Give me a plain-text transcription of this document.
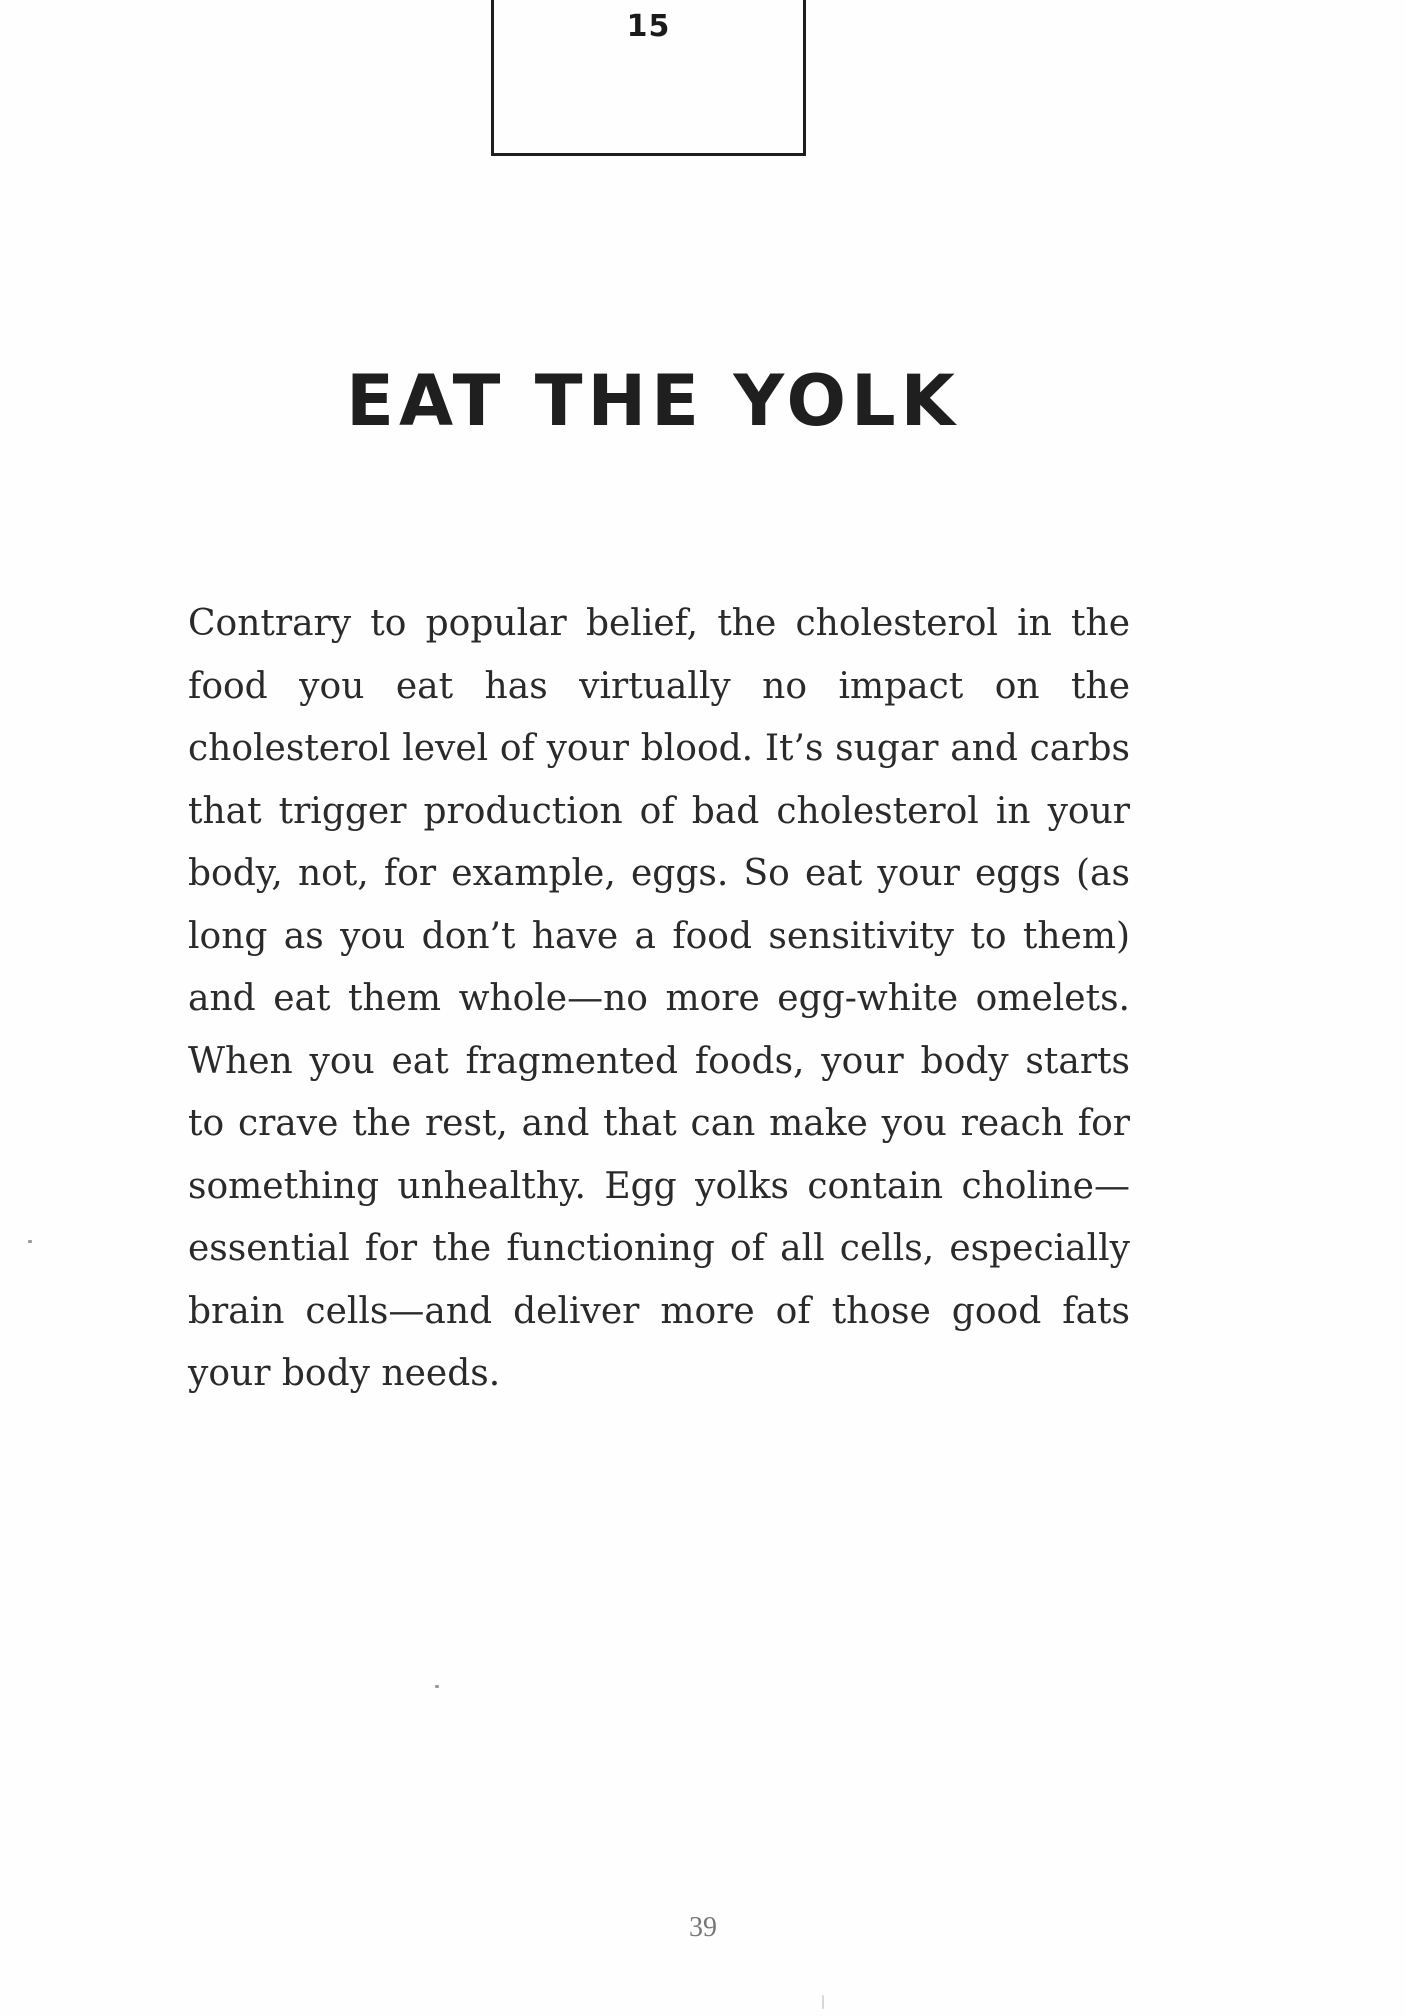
15
EAT THE YOLK

Contrary to popular belief, the cholesterol in the food you eat has virtually no impact on the cholesterol level of your blood. It’s sugar and carbs that trigger production of bad cholesterol in your body, not, for example, eggs. So eat your eggs (as long as you don’t have a food sensitivity to them) and eat them whole—no more egg-white omelets. When you eat fragmented foods, your body starts to crave the rest, and that can make you reach for something unhealthy. Egg yolks contain choline—essential for the functioning of all cells, especially brain cells—and deliver more of those good fats your body needs.

39
